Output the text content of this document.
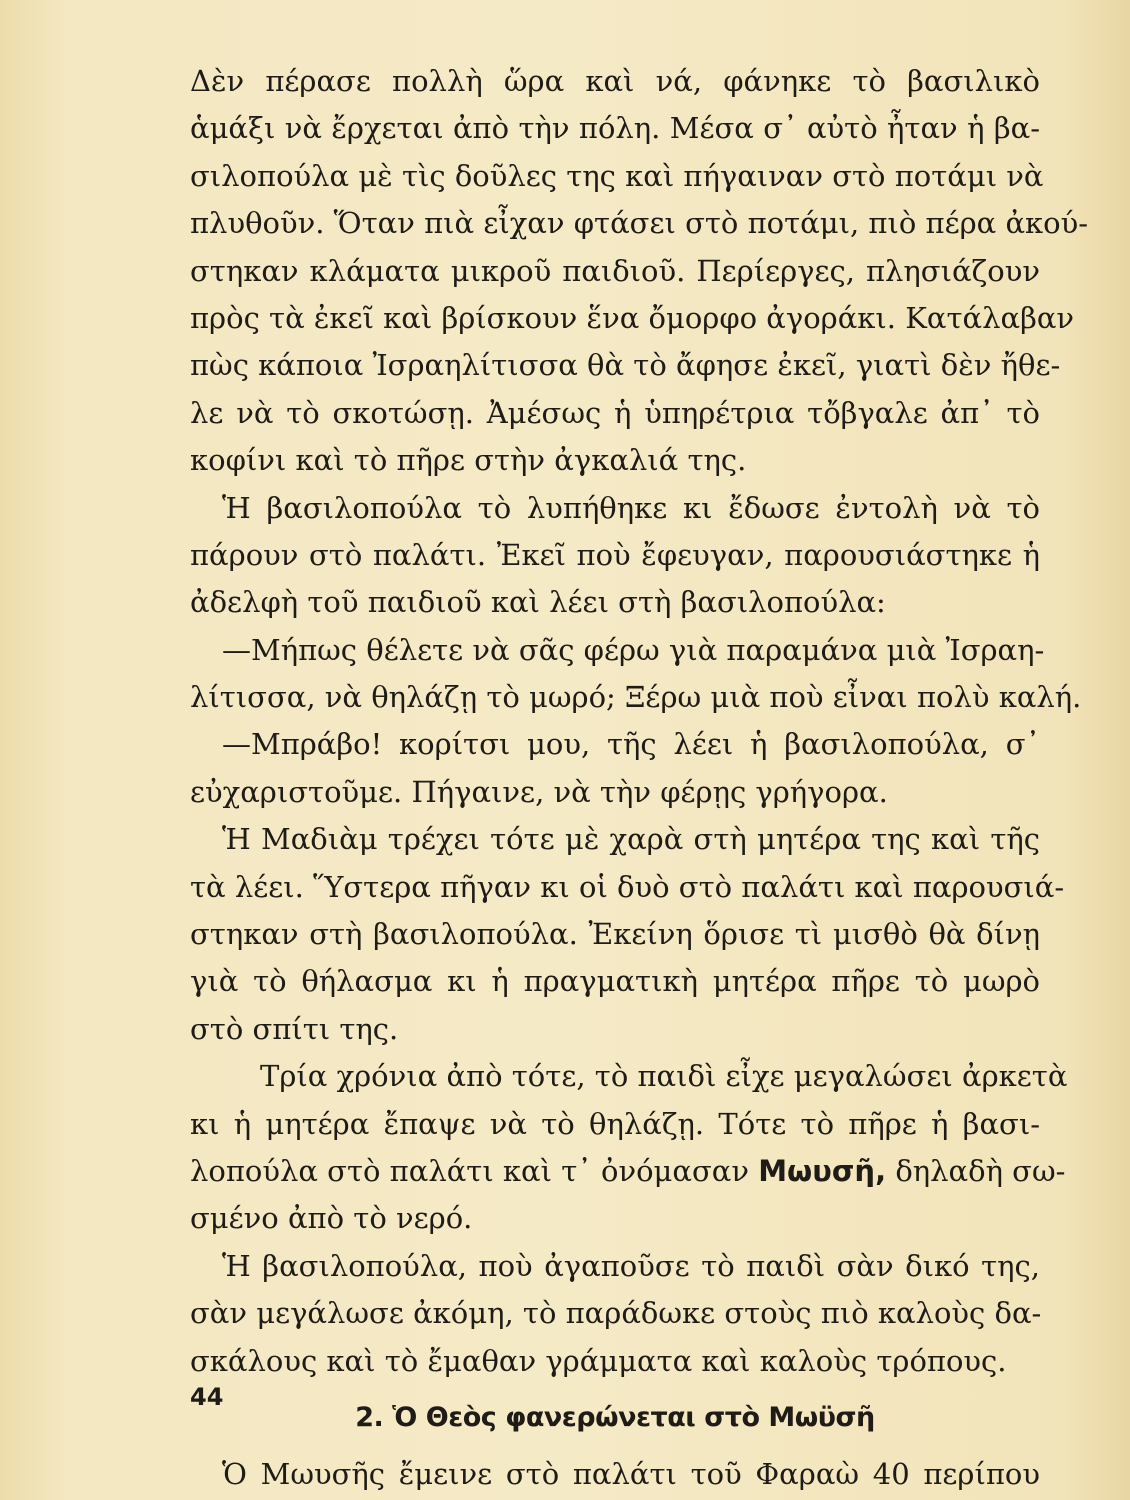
Δὲν πέρασε πολλὴ ὥρα καὶ νά, φάνηκε τὸ βασιλικὸ
ἁμάξι νὰ ἔρχεται ἀπὸ τὴν πόλη. Μέσα σ᾿ αὐτὸ ἦταν ἡ βα-
σιλοπούλα μὲ τὶς δοῦλες της καὶ πήγαιναν στὸ ποτάμι νὰ
πλυθοῦν. Ὅταν πιὰ εἶχαν φτάσει στὸ ποτάμι, πιὸ πέρα ἀκού-
στηκαν κλάματα μικροῦ παιδιοῦ. Περίεργες, πλησιάζουν
πρὸς τὰ ἐκεῖ καὶ βρίσκουν ἕνα ὄμορφο ἀγοράκι. Κατάλαβαν
πὼς κάποια Ἰσραηλίτισσα θὰ τὸ ἄφησε ἐκεῖ, γιατὶ δὲν ἤθε-
λε νὰ τὸ σκοτώσῃ. Ἀμέσως ἡ ὑπηρέτρια τὄβγαλε ἀπ᾿ τὸ
κοφίνι καὶ τὸ πῆρε στὴν ἀγκαλιά της.
Ἡ βασιλοπούλα τὸ λυπήθηκε κι ἔδωσε ἐντολὴ νὰ τὸ
πάρουν στὸ παλάτι. Ἐκεῖ ποὺ ἔφευγαν, παρουσιάστηκε ἡ
ἀδελφὴ τοῦ παιδιοῦ καὶ λέει στὴ βασιλοπούλα:
—Μήπως θέλετε νὰ σᾶς φέρω γιὰ παραμάνα μιὰ Ἰσραη-
λίτισσα, νὰ θηλάζῃ τὸ μωρό; Ξέρω μιὰ ποὺ εἶναι πολὺ καλή.
—Μπράβο! κορίτσι μου, τῆς λέει ἡ βασιλοπούλα, σ᾿
εὐχαριστοῦμε. Πήγαινε, νὰ τὴν φέρῃς γρήγορα.
Ἡ Μαδιὰμ τρέχει τότε μὲ χαρὰ στὴ μητέρα της καὶ τῆς
τὰ λέει. Ὕστερα πῆγαν κι οἱ δυὸ στὸ παλάτι καὶ παρουσιά-
στηκαν στὴ βασιλοπούλα. Ἐκείνη ὅρισε τὶ μισθὸ θὰ δίνῃ
γιὰ τὸ θήλασμα κι ἡ πραγματικὴ μητέρα πῆρε τὸ μωρὸ
στὸ σπίτι της.
Τρία χρόνια ἀπὸ τότε, τὸ παιδὶ εἶχε μεγαλώσει ἀρκετὰ
κι ἡ μητέρα ἔπαψε νὰ τὸ θηλάζῃ. Τότε τὸ πῆρε ἡ βασι-
λοπούλα στὸ παλάτι καὶ τ᾿ ὀνόμασαν Μωυσῆ, δηλαδὴ σω-
σμένο ἀπὸ τὸ νερό.
Ἡ βασιλοπούλα, ποὺ ἀγαποῦσε τὸ παιδὶ σὰν δικό της,
σὰν μεγάλωσε ἀκόμη, τὸ παράδωκε στοὺς πιὸ καλοὺς δα-
σκάλους καὶ τὸ ἔμαθαν γράμματα καὶ καλοὺς τρόπους.
2. Ὁ Θεὸς φανερώνεται στὸ Μωϋσῆ
Ὁ Μωυσῆς ἔμεινε στὸ παλάτι τοῦ Φαραὼ 40 περίπου
44
